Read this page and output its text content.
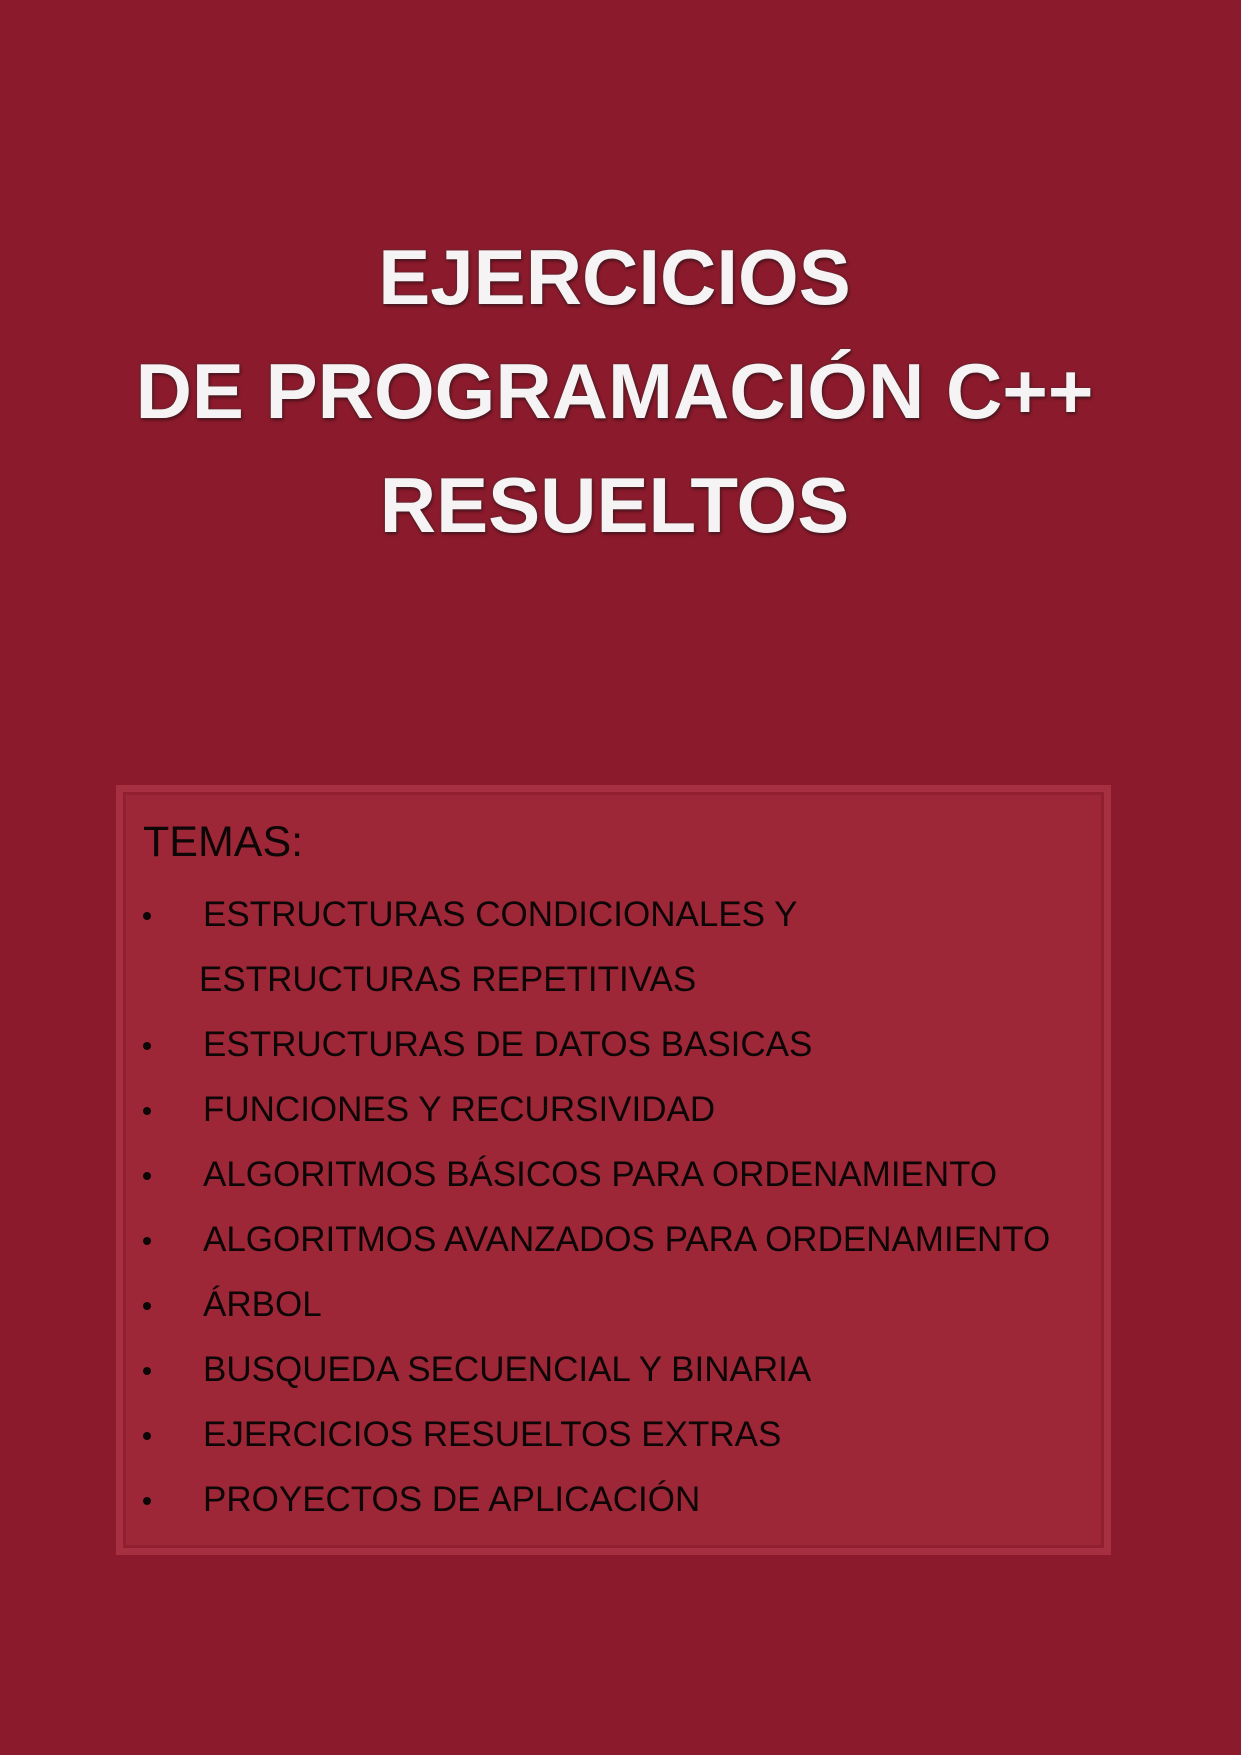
EJERCICIOS
DE PROGRAMACIÓN C++
RESUELTOS
TEMAS:
ESTRUCTURAS CONDICIONALES Y
ESTRUCTURAS REPETITIVAS
ESTRUCTURAS DE DATOS BASICAS
FUNCIONES Y RECURSIVIDAD
ALGORITMOS BÁSICOS PARA ORDENAMIENTO
ALGORITMOS AVANZADOS PARA ORDENAMIENTO
ÁRBOL
BUSQUEDA SECUENCIAL Y BINARIA
EJERCICIOS RESUELTOS EXTRAS
PROYECTOS DE APLICACIÓN
